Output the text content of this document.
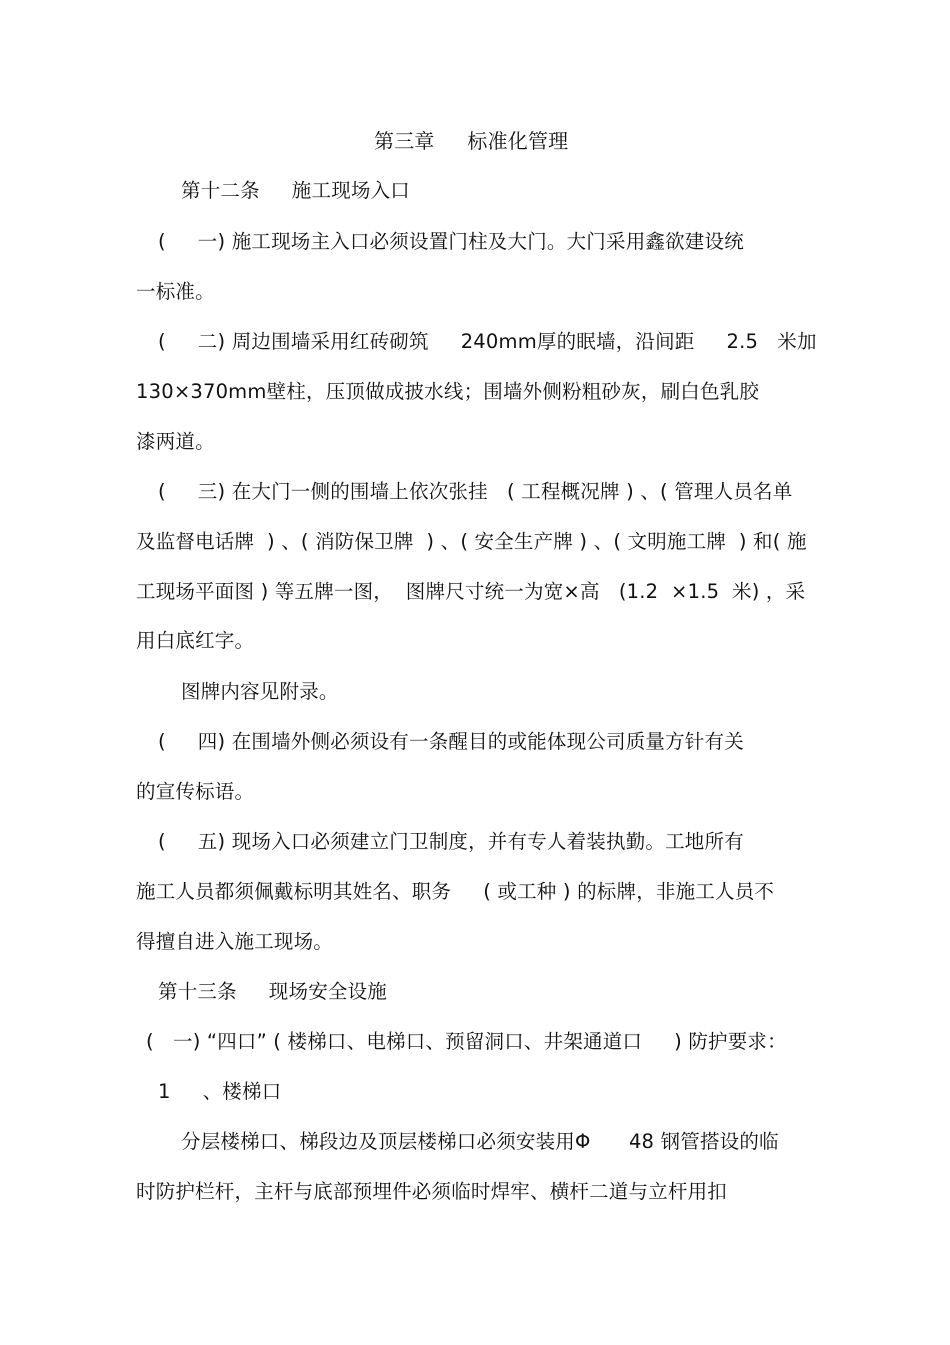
第三章     标准化管理
第十二条     施工现场入口
(     一) 施工现场主入口必须设置门柱及大门。大门采用鑫欲建设统
一标准。
(     二) 周边围墙采用红砖砌筑     240mm厚的眠墙，沿间距     2.5   米加
130×370mm壁柱，压顶做成披水线；围墙外侧粉粗砂灰，刷白色乳胶
漆两道。
(     三) 在大门一侧的围墙上依次张挂   ( 工程概况牌 ) 、( 管理人员名单
及监督电话牌  ) 、( 消防保卫牌  ) 、( 安全生产牌 ) 、( 文明施工牌  ) 和( 施
工现场平面图 ) 等五牌一图，  图牌尺寸统一为宽×高   (1.2  ×1.5  米) ，采
用白底红字。
图牌内容见附录。
(     四) 在围墙外侧必须设有一条醒目的或能体现公司质量方针有关
的宣传标语。
(     五) 现场入口必须建立门卫制度，并有专人着装执勤。工地所有
施工人员都须佩戴标明其姓名、职务     ( 或工种 ) 的标牌，非施工人员不
得擅自进入施工现场。
第十三条     现场安全设施
(   一) “四口” ( 楼梯口、电梯口、预留洞口、井架通道口     ) 防护要求：
1     、楼梯口
分层楼梯口、梯段边及顶层楼梯口必须安装用Φ      48 钢管搭设的临
时防护栏杆，主杆与底部预埋件必须临时焊牢、横杆二道与立杆用扣
